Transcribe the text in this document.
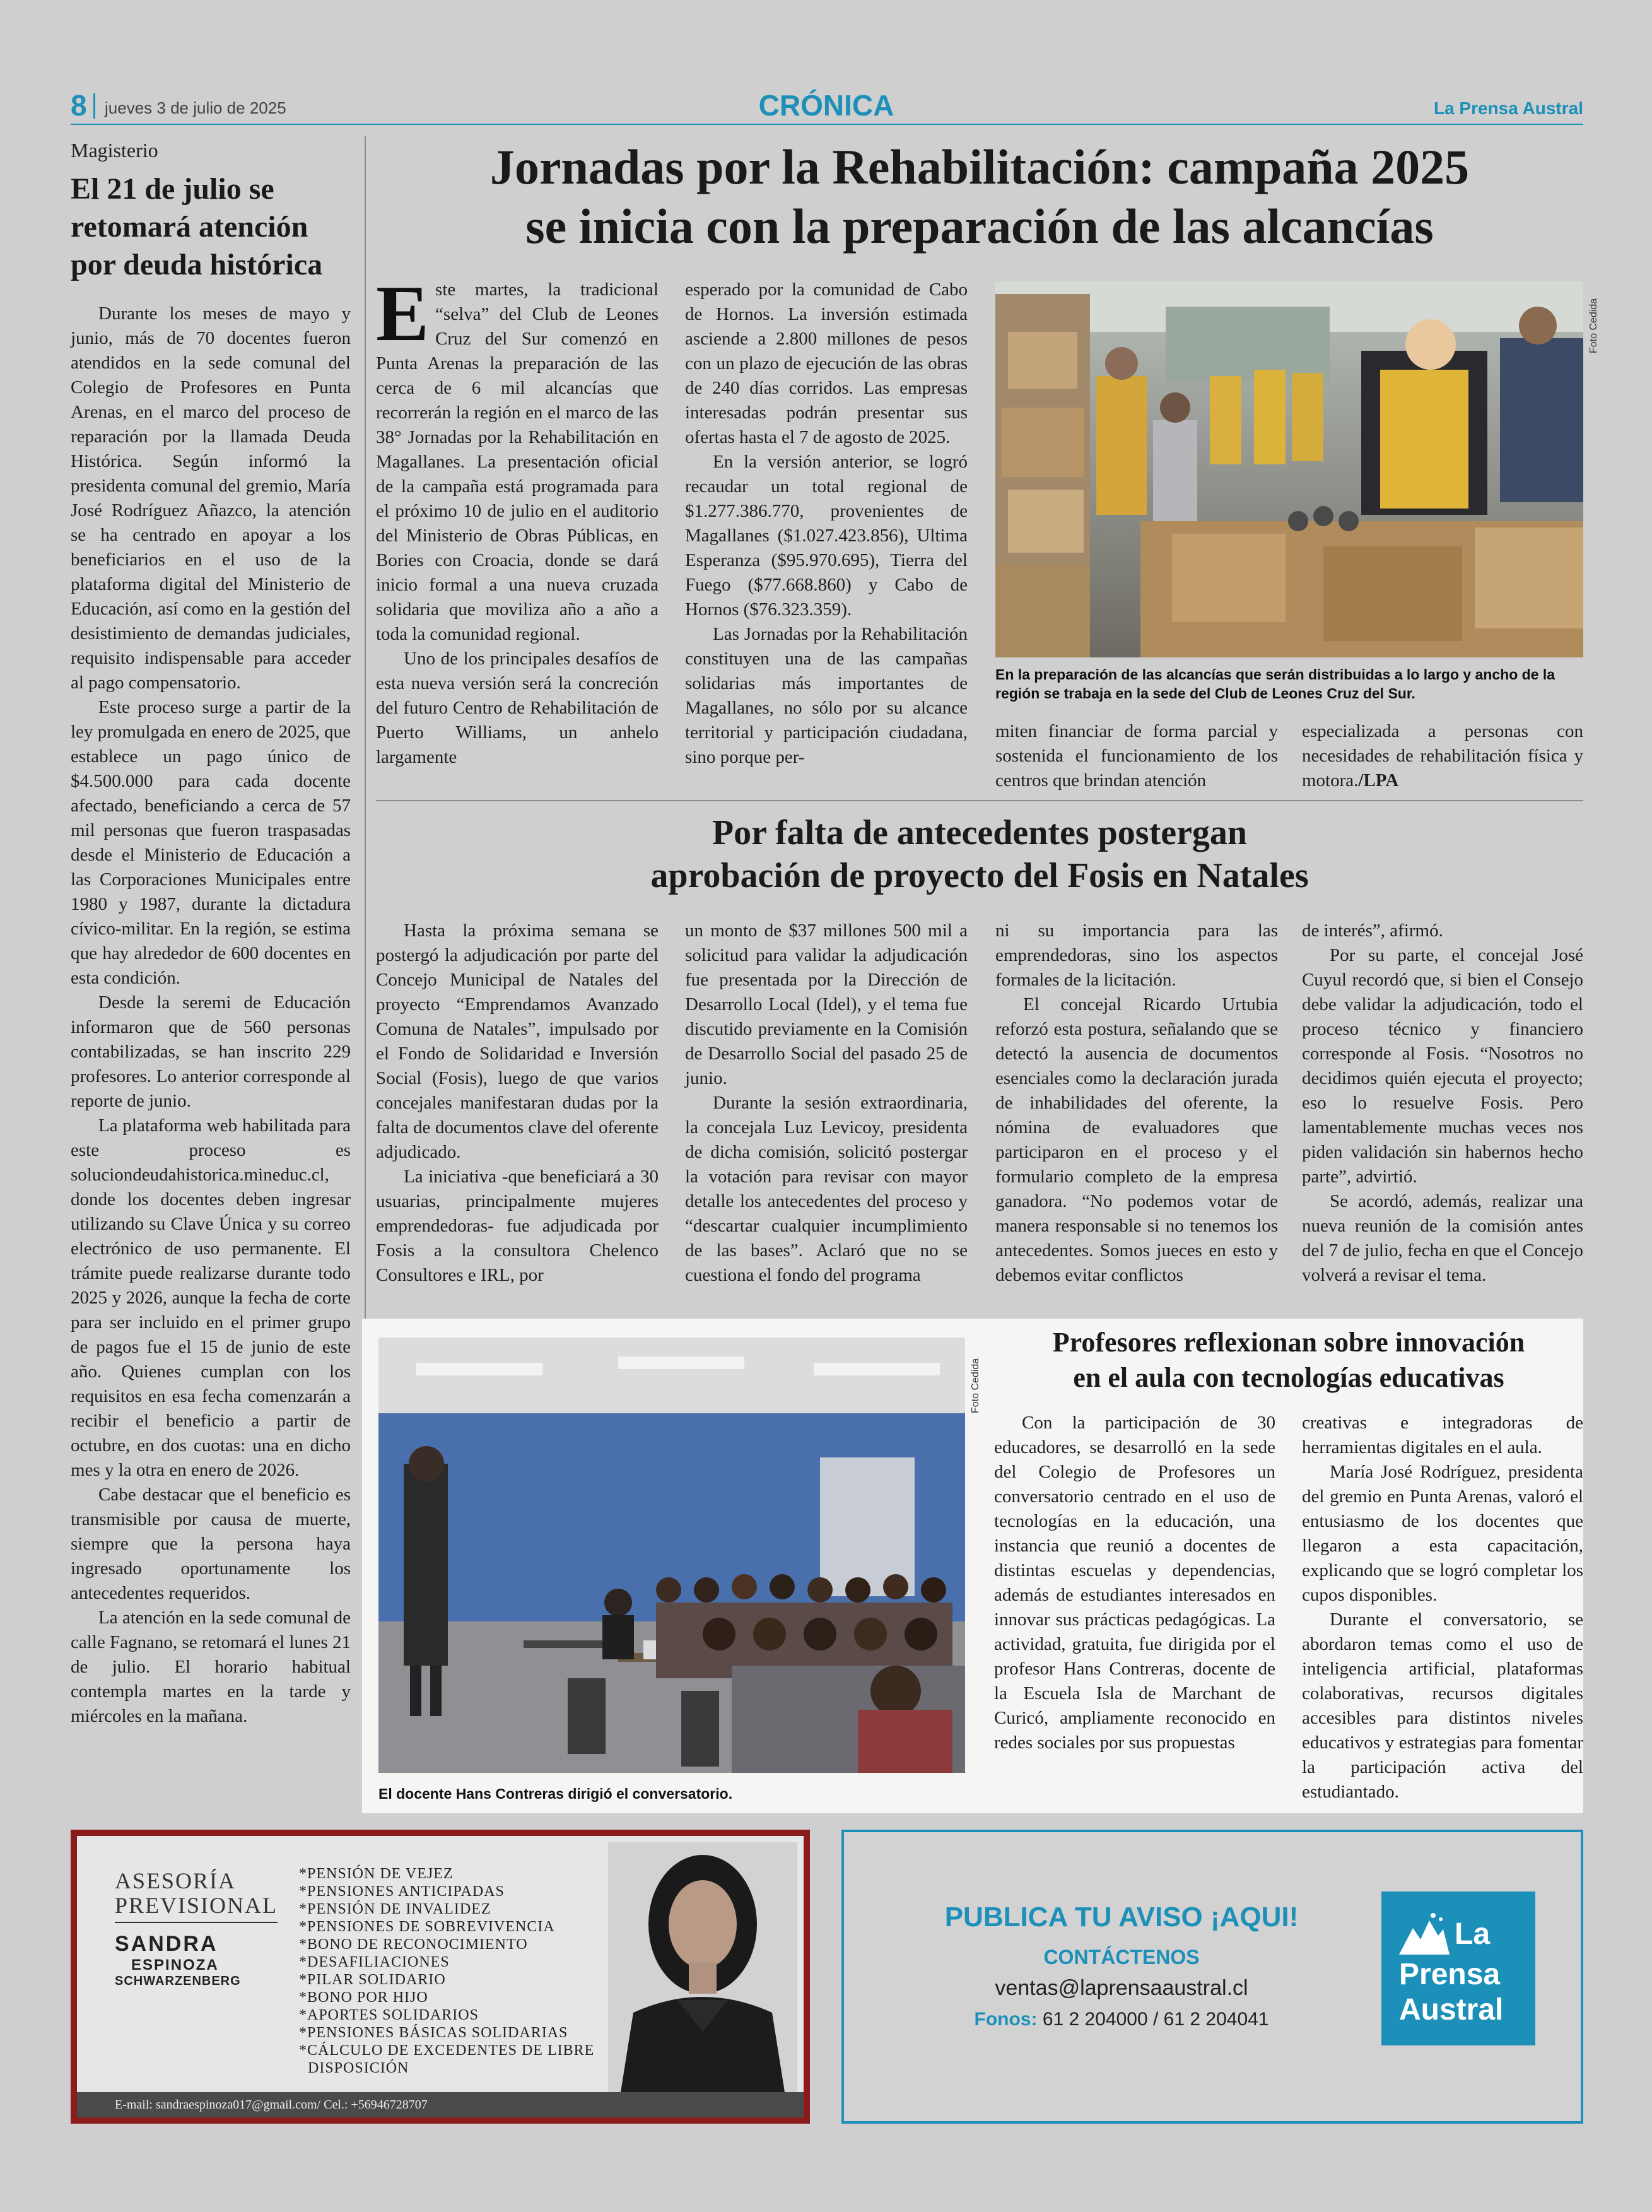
8 jueves 3 de julio de 2025	CRÓNICA	La Prensa Austral
Magisterio
El 21 de julio se retomará atención por deuda histórica

Durante los meses de mayo y junio, más de 70 docentes fueron atendidos en la sede comunal del Colegio de Profesores en Punta Arenas, en el marco del proceso de reparación por la llamada Deuda Histórica. Según informó la presidenta comunal del gremio, María José Rodríguez Añazco, la atención se ha centrado en apoyar a los beneficiarios en el uso de la plataforma digital del Ministerio de Educación, así como en la gestión del desistimiento de demandas judiciales, requisito indispensable para acceder al pago compensatorio.

Este proceso surge a partir de la ley promulgada en enero de 2025, que establece un pago único de $4.500.000 para cada docente afectado, beneficiando a cerca de 57 mil personas que fueron traspasadas desde el Ministerio de Educación a las Corporaciones Municipales entre 1980 y 1987, durante la dictadura cívico-militar. En la región, se estima que hay alrededor de 600 docentes en esta condición.

Desde la seremi de Educación informaron que de 560 personas contabilizadas, se han inscrito 229 profesores. Lo anterior corresponde al reporte de junio.

La plataforma web habilitada para este proceso es soluciondeudahistorica.mineduc.cl, donde los docentes deben ingresar utilizando su Clave Única y su correo electrónico de uso permanente. El trámite puede realizarse durante todo 2025 y 2026, aunque la fecha de corte para ser incluido en el primer grupo de pagos fue el 15 de junio de este año. Quienes cumplan con los requisitos en esa fecha comenzarán a recibir el beneficio a partir de octubre, en dos cuotas: una en dicho mes y la otra en enero de 2026.

Cabe destacar que el beneficio es transmisible por causa de muerte, siempre que la persona haya ingresado oportunamente los antecedentes requeridos.

La atención en la sede comunal de calle Fagnano, se retomará el lunes 21 de julio. El horario habitual contempla martes en la tarde y miércoles en la mañana.

Jornadas por la Rehabilitación: campaña 2025
se inicia con la preparación de las alcancías
E ste martes, la tradicional “selva” del Club de Leones Cruz del Sur comenzó en Punta Arenas la preparación de las cerca de 6 mil alcancías que recorrerán la región en el marco de las 38° Jornadas por la Rehabilitación en Magallanes. La presentación oficial de la campaña está programada para el próximo 10 de julio en el auditorio del Ministerio de Obras Públicas, en Bories con Croacia, donde se dará inicio formal a una nueva cruzada solidaria que moviliza año a año a toda la comunidad regional.

Uno de los principales desafíos de esta nueva versión será la concreción del futuro Centro de Rehabilitación de Puerto Williams, un anhelo largamente

esperado por la comunidad de Cabo de Hornos. La inversión estimada asciende a 2.800 millones de pesos con un plazo de ejecución de las obras de 240 días corridos. Las empresas interesadas podrán presentar sus ofertas hasta el 7 de agosto de 2025.

En la versión anterior, se logró recaudar un total regional de $1.277.386.770, provenientes de Magallanes ($1.027.423.856), Ultima Esperanza ($95.970.695), Tierra del Fuego ($77.668.860) y Cabo de Hornos ($76.323.359).

Las Jornadas por la Rehabilitación constituyen una de las campañas solidarias más importantes de Magallanes, no sólo por su alcance territorial y participación ciudadana, sino porque per-

Foto Cedida

En la preparación de las alcancías que serán distribuidas a lo largo y ancho de la región se trabaja en la sede del Club de Leones Cruz del Sur.

miten financiar de forma parcial y sostenida el funcionamiento de los centros que brindan atención

especializada a personas con necesidades de rehabilitación física y motora./LPA

Por falta de antecedentes postergan
aprobación de proyecto del Fosis en Natales

Hasta la próxima semana se postergó la adjudicación por parte del Concejo Municipal de Natales del proyecto “Emprendamos Avanzado Comuna de Natales”, impulsado por el Fondo de Solidaridad e Inversión Social (Fosis), luego de que varios concejales manifestaran dudas por la falta de documentos clave del oferente adjudicado.

La iniciativa -que beneficiará a 30 usuarias, principalmente mujeres emprendedoras- fue adjudicada por Fosis a la consultora Chelenco Consultores e IRL, por

un monto de $37 millones 500 mil a solicitud para validar la adjudicación fue presentada por la Dirección de Desarrollo Local (Idel), y el tema fue discutido previamente en la Comisión de Desarrollo Social del pasado 25 de junio.

Durante la sesión extraordinaria, la concejala Luz Levicoy, presidenta de dicha comisión, solicitó postergar la votación para revisar con mayor detalle los antecedentes del proceso y “descartar cualquier incumplimiento de las bases”. Aclaró que no se cuestiona el fondo del programa

ni su importancia para las emprendedoras, sino los aspectos formales de la licitación.

El concejal Ricardo Urtubia reforzó esta postura, señalando que se detectó la ausencia de documentos esenciales como la declaración jurada de inhabilidades del oferente, la nómina de evaluadores que participaron en el proceso y el formulario completo de la empresa ganadora. “No podemos votar de manera responsable si no tenemos los antecedentes. Somos jueces en esto y debemos evitar conflictos

de interés”, afirmó.

Por su parte, el concejal José Cuyul recordó que, si bien el Consejo debe validar la adjudicación, todo el proceso técnico y financiero corresponde al Fosis. “Nosotros no decidimos quién ejecuta el proyecto; eso lo resuelve Fosis. Pero lamentablemente muchas veces nos piden validación sin habernos hecho parte”, advirtió.

Se acordó, además, realizar una nueva reunión de la comisión antes del 7 de julio, fecha en que el Concejo volverá a revisar el tema.

Foto Cedida

El docente Hans Contreras dirigió el conversatorio.

Profesores reflexionan sobre innovación
en el aula con tecnologías educativas

Con la participación de 30 educadores, se desarrolló en la sede del Colegio de Profesores un conversatorio centrado en el uso de tecnologías en la educación, una instancia que reunió a docentes de distintas escuelas y dependencias, además de estudiantes interesados en innovar sus prácticas pedagógicas. La actividad, gratuita, fue dirigida por el profesor Hans Contreras, docente de la Escuela Isla de Marchant de Curicó, ampliamente reconocido en redes sociales por sus propuestas

creativas e integradoras de herramientas digitales en el aula.

María José Rodríguez, presidenta del gremio en Punta Arenas, valoró el entusiasmo de los docentes que llegaron a esta capacitación, explicando que se logró completar los cupos disponibles.

Durante el conversatorio, se abordaron temas como el uso de inteligencia artificial, plataformas colaborativas, recursos digitales accesibles para distintos niveles educativos y estrategias para fomentar la participación activa del estudiantado.

ASESORÍA
PREVISIONAL
SANDRA
ESPINOZA
SCHWARZENBERG
*PENSIÓN DE VEJEZ
*PENSIONES ANTICIPADAS
*PENSIÓN DE INVALIDEZ
*PENSIONES DE SOBREVIVENCIA
*BONO DE RECONOCIMIENTO
*DESAFILIACIONES
*PILAR SOLIDARIO
*BONO POR HIJO
*APORTES SOLIDARIOS
*PENSIONES BÁSICAS SOLIDARIAS
*CÁLCULO DE EXCEDENTES DE LIBRE
DISPOSICIÓN
E-mail: sandraespinoza017@gmail.com/ Cel.: +56946728707
PUBLICA TU AVISO ¡AQUI!
CONTÁCTENOS
ventas@laprensaaustral.cl
Fonos: 61 2 204000 / 61 2 204041
La
Prensa
Austral
